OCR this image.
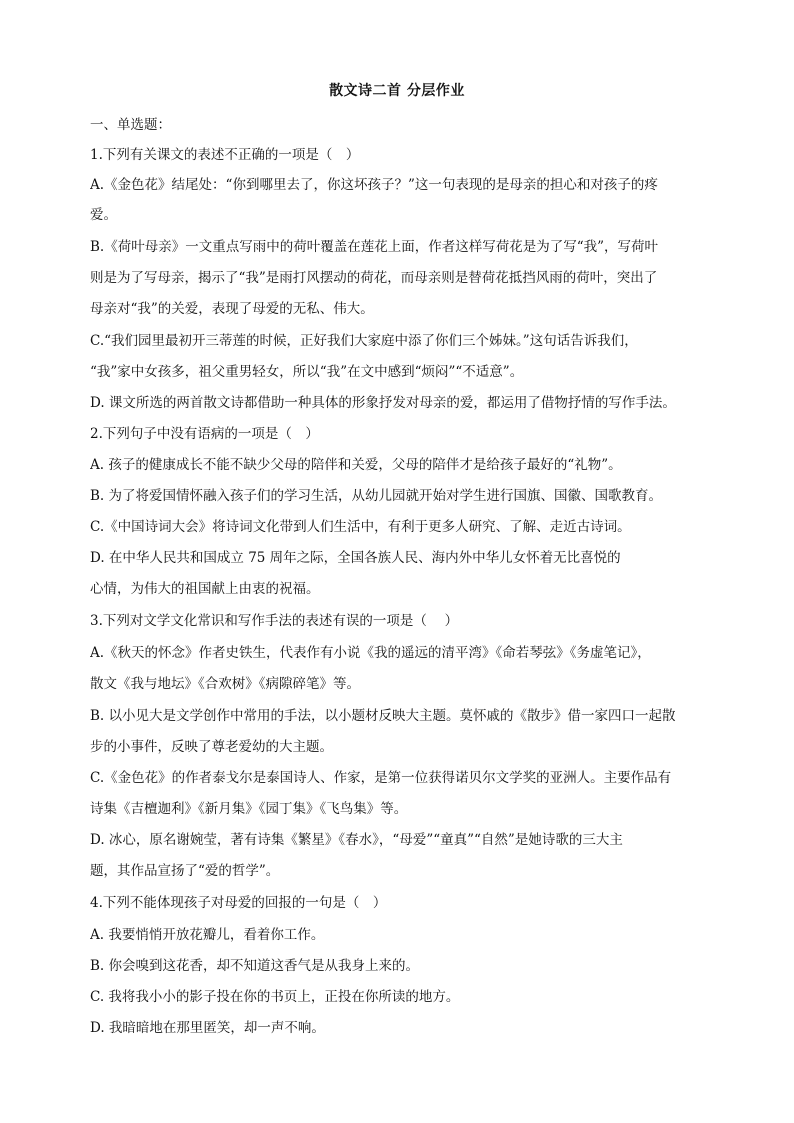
散文诗二首 分层作业
一、单选题：
1.下列有关课文的表述不正确的一项是（　）
A.《金色花》结尾处：“你到哪里去了，你这坏孩子？”这一句表现的是母亲的担心和对孩子的疼
爱。
B.《荷叶母亲》一文重点写雨中的荷叶覆盖在莲花上面，作者这样写荷花是为了写“我”，写荷叶
则是为了写母亲，揭示了“我”是雨打风摆动的荷花，而母亲则是替荷花抵挡风雨的荷叶，突出了
母亲对“我”的关爱，表现了母爱的无私、伟大。
C.“我们园里最初开三蒂莲的时候，正好我们大家庭中添了你们三个姊妹。”这句话告诉我们，
“我”家中女孩多，祖父重男轻女，所以“我”在文中感到“烦闷”“不适意”。
D. 课文所选的两首散文诗都借助一种具体的形象抒发对母亲的爱，都运用了借物抒情的写作手法。
2.下列句子中没有语病的一项是（　）
A. 孩子的健康成长不能不缺少父母的陪伴和关爱，父母的陪伴才是给孩子最好的“礼物”。
B. 为了将爱国情怀融入孩子们的学习生活，从幼儿园就开始对学生进行国旗、国徽、国歌教育。
C.《中国诗词大会》将诗词文化带到人们生活中，有利于更多人研究、了解、走近古诗词。
D. 在中华人民共和国成立 75 周年之际，全国各族人民、海内外中华儿女怀着无比喜悦的
心情，为伟大的祖国献上由衷的祝福。
3.下列对文学文化常识和写作手法的表述有误的一项是（　 ）
A.《秋天的怀念》作者史铁生，代表作有小说《我的遥远的清平湾》《命若琴弦》《务虚笔记》，
散文《我与地坛》《合欢树》《病隙碎笔》等。
B. 以小见大是文学创作中常用的手法，以小题材反映大主题。莫怀戚的《散步》借一家四口一起散
步的小事件，反映了尊老爱幼的大主题。
C.《金色花》的作者泰戈尔是泰国诗人、作家，是第一位获得诺贝尔文学奖的亚洲人。主要作品有
诗集《吉檀迦利》《新月集》《园丁集》《飞鸟集》等。
D. 冰心，原名谢婉莹，著有诗集《繁星》《春水》，“母爱”“童真”“自然”是她诗歌的三大主
题，其作品宣扬了“爱的哲学”。
4.下列不能体现孩子对母爱的回报的一句是（　）
A. 我要悄悄开放花瓣儿，看着你工作。
B. 你会嗅到这花香，却不知道这香气是从我身上来的。
C. 我将我小小的影子投在你的书页上，正投在你所读的地方。
D. 我暗暗地在那里匿笑，却一声不响。
